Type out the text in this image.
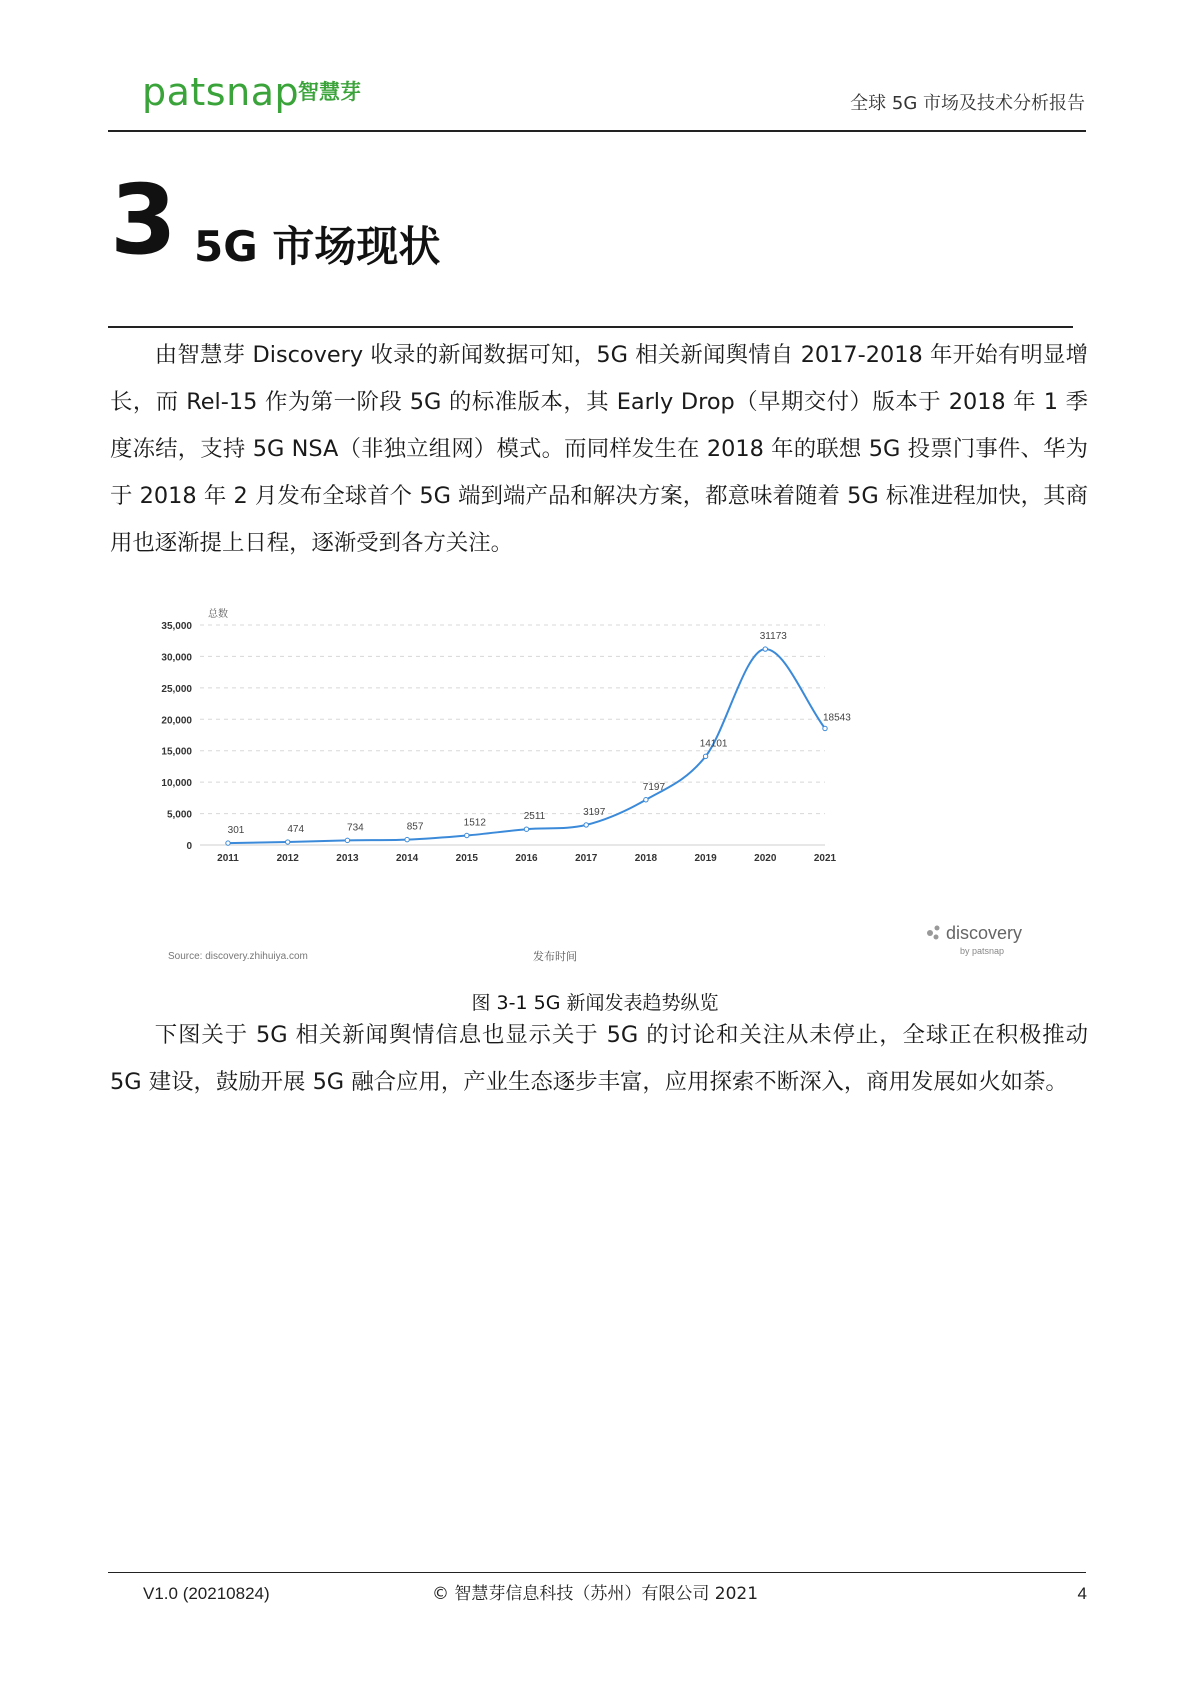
patsnap
智慧芽	全球 5G 市场及技术分析报告
3 5G 市场现状
由智慧芽 Discovery 收录的新闻数据可知，5G 相关新闻舆情自 2017-2018 年开始有明显增长，而 Rel-15 作为第一阶段 5G 的标准版本，其 Early Drop（早期交付）版本于 2018 年 1 季度冻结，支持 5G NSA（非独立组网）模式。而同样发生在 2018 年的联想 5G 投票门事件、华为于 2018 年 2 月发布全球首个 5G 端到端产品和解决方案，都意味着随着 5G 标准进程加快，其商用也逐渐提上日程，逐渐受到各方关注。
0
5,000
10,000
15,000
20,000
25,000
30,000
35,000
2011	2012	2013	2014	2015	2016	2017	2018	2019	2020	2021
301	474	734	857	1512
2511	3197
7197
14101
31173
18543
总数
发布时间
Source: discovery.zhihuiya.com
discovery
by patsnap
图 3-1 5G 新闻发表趋势纵览
下图关于 5G 相关新闻舆情信息也显示关于 5G 的讨论和关注从未停止，全球正在积极推动 5G 建设，鼓励开展 5G 融合应用，产业生态逐步丰富，应用探索不断深入，商用发展如火如荼。
V1.0 (20210824)	© 智慧芽信息科技（苏州）有限公司 2021	4
